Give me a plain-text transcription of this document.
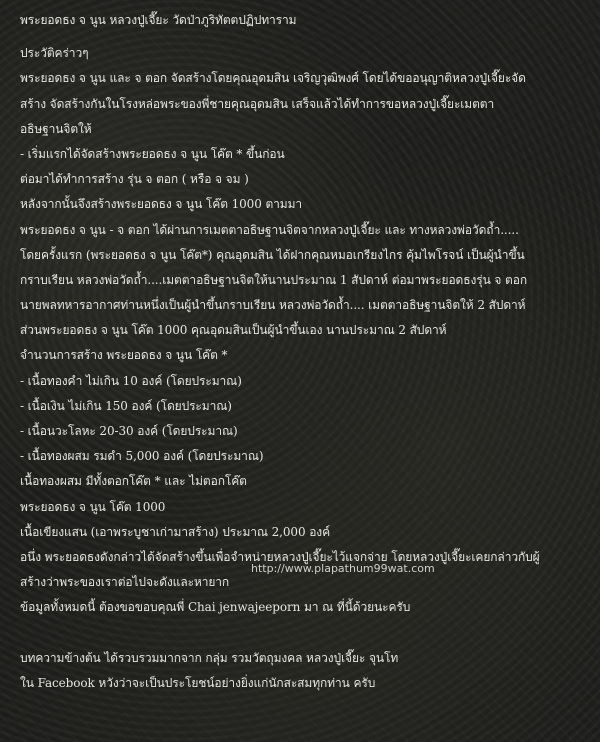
พระยอดธง จ นูน หลวงปู่เจี๊ยะ วัดป่าภูริทัตตปฏิปทาราม
ประวัติคร่าวๆ
พระยอดธง จ นูน และ จ ตอก จัดสร้างโดยคุณอุดมสิน เจริญวุฒิพงศ์ โดยได้ขออนุญาติหลวงปู่เจี๊ยะจัด
สร้าง จัดสร้างกันในโรงหล่อพระของพี่ชายคุณอุดมสิน เสร็จแล้วได้ทำการขอหลวงปู่เจี๊ยะเมตตา
อธิษฐานจิตให้
- เริ่มแรกได้จัดสร้างพระยอดธง จ นูน โค๊ต * ขึ้นก่อน
ต่อมาได้ทำการสร้าง รุ่น จ ตอก ( หรือ จ จม )
หลังจากนั้นจึงสร้างพระยอดธง จ นูน โค๊ต 1000 ตามมา
พระยอดธง จ นูน - จ ตอก ได้ผ่านการเมตตาอธิษฐานจิตจากหลวงปู่เจี๊ยะ และ ทางหลวงพ่อวัดถ้ำ.....
โดยครั้งแรก (พระยอดธง จ นูน โค๊ต*) คุณอุดมสิน ได้ฝากคุณหมอเกรียงไกร คุ้มไพโรจน์ เป็นผู้นำขึ้น
กราบเรียน หลวงพ่อวัดถ้ำ....เมตตาอธิษฐานจิตให้นานประมาณ 1 สัปดาห์ ต่อมาพระยอดธงรุ่น จ ตอก
นายพลทหารอากาศท่านหนึ่งเป็นผู้นำขึ้นกราบเรียน หลวงพ่อวัดถ้ำ.... เมตตาอธิษฐานจิตให้ 2 สัปดาห์
ส่วนพระยอดธง จ นูน โค๊ต 1000 คุณอุดมสินเป็นผู้นำขึ้นเอง นานประมาณ 2 สัปดาห์
จำนวนการสร้าง พระยอดธง จ นูน โค๊ต *
- เนื้อทองคำ ไม่เกิน 10 องค์ (โดยประมาณ)
- เนื้อเงิน ไม่เกิน 150 องค์ (โดยประมาณ)
- เนื้อนวะโลหะ 20-30 องค์ (โดยประมาณ)
- เนื้อทองผสม รมดำ 5,000 องค์ (โดยประมาณ)
เนื้อทองผสม มีทั้งตอกโค๊ต * และ ไม่ตอกโค๊ต
พระยอดธง จ นูน โค๊ต 1000
เนื้อเขียงแสน (เอาพระบูชาเก่ามาสร้าง) ประมาณ 2,000 องค์
อนึ่ง พระยอดธงดังกล่าวได้จัดสร้างขึ้นเพื่อจำหน่ายหลวงปู่เจี๊ยะไว้แจกจ่าย โดยหลวงปู่เจี๊ยะเคยกล่าวกับผู้
สร้างว่าพระของเราต่อไปจะดังและหายาก
ข้อมูลทั้งหมดนี้ ต้องขอขอบคุณพี่ Chai jenwajeeporn มา ณ ที่นี้ด้วยนะครับ
บทความข้างต้น ได้รวบรวมมากจาก กลุ่ม รวมวัตถุมงคล หลวงปู่เจี๊ยะ จุนโท
ใน Facebook หวังว่าจะเป็นประโยชน์อย่างยิ่งแก่นักสะสมทุกท่าน ครับ
http://www.plapathum99wat.com
